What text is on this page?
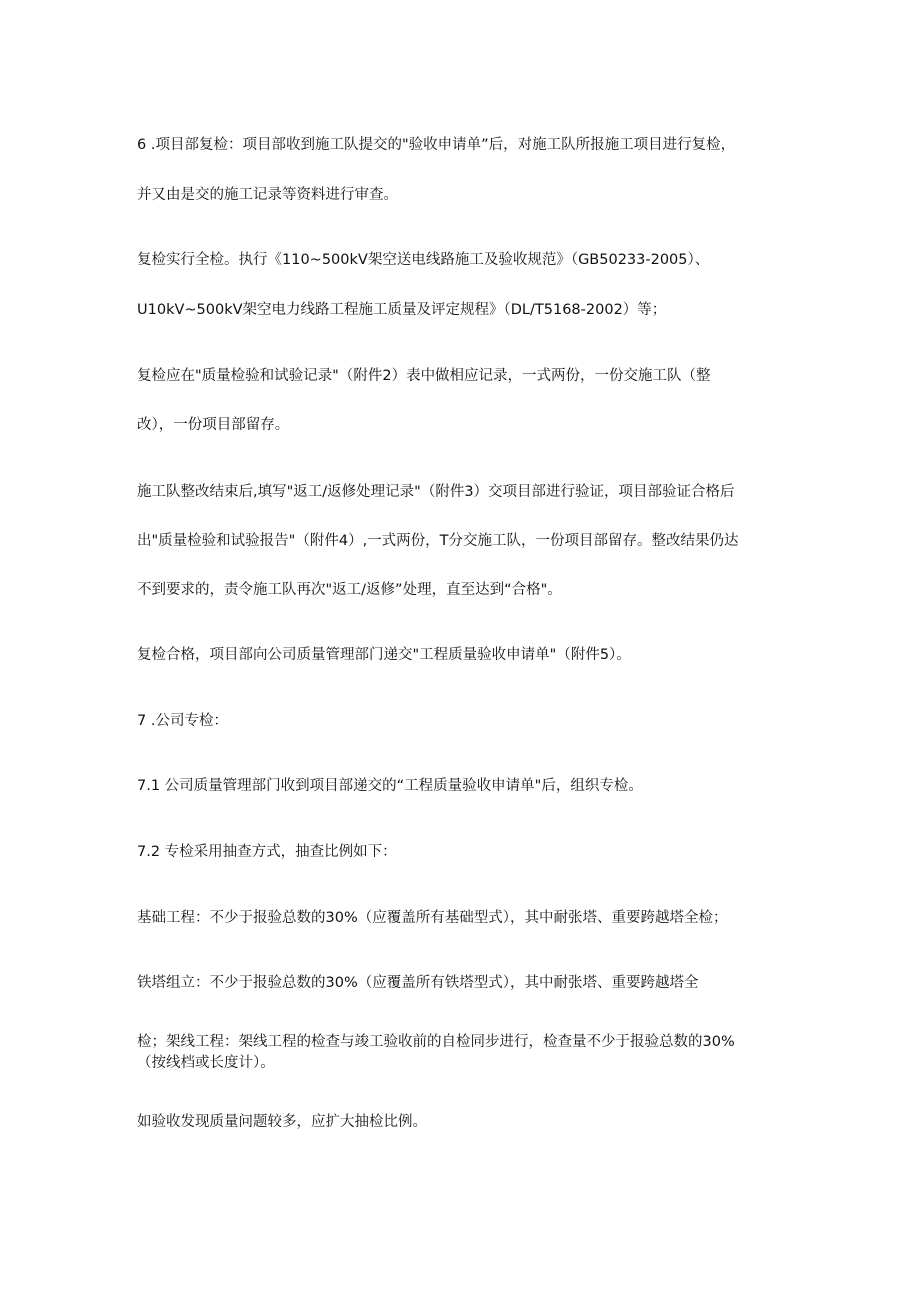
6 .项目部复检：项目部收到施工队提交的"验收申请单”后，对施工队所报施工项目进行复检，
并又由是交的施工记录等资料进行审查。
复检实行全检。执行《110~500kV架空送电线路施工及验收规范》（GB50233-2005）、
U10kV~500kV架空电力线路工程施工质量及评定规程》（DL/T5168-2002）等；
复检应在"质量检验和试验记录"（附件2）表中做相应记录，一式两份，一份交施工队（整
改），一份项目部留存。
施工队整改结束后,填写"返工/返修处理记录"（附件3）交项目部进行验证，项目部验证合格后
出"质量检验和试验报告"（附件4）,一式两份，T分交施工队，一份项目部留存。整改结果仍达
不到要求的，责令施工队再次"返工/返修”处理，直至达到“合格"。
复检合格，项目部向公司质量管理部门递交"工程质量验收申请单"（附件5）。
7 .公司专检：
7.1 公司质量管理部门收到项目部递交的“工程质量验收申请单"后，组织专检。
7.2 专检采用抽查方式，抽查比例如下：
基础工程：不少于报验总数的30%（应覆盖所有基础型式），其中耐张塔、重要跨越塔全检；
铁塔组立：不少于报验总数的30%（应覆盖所有铁塔型式），其中耐张塔、重要跨越塔全
检；架线工程：架线工程的检查与竣工验收前的自检同步进行，检查量不少于报验总数的30%
（按线档或长度计）。
如验收发现质量问题较多，应扩大抽检比例。
